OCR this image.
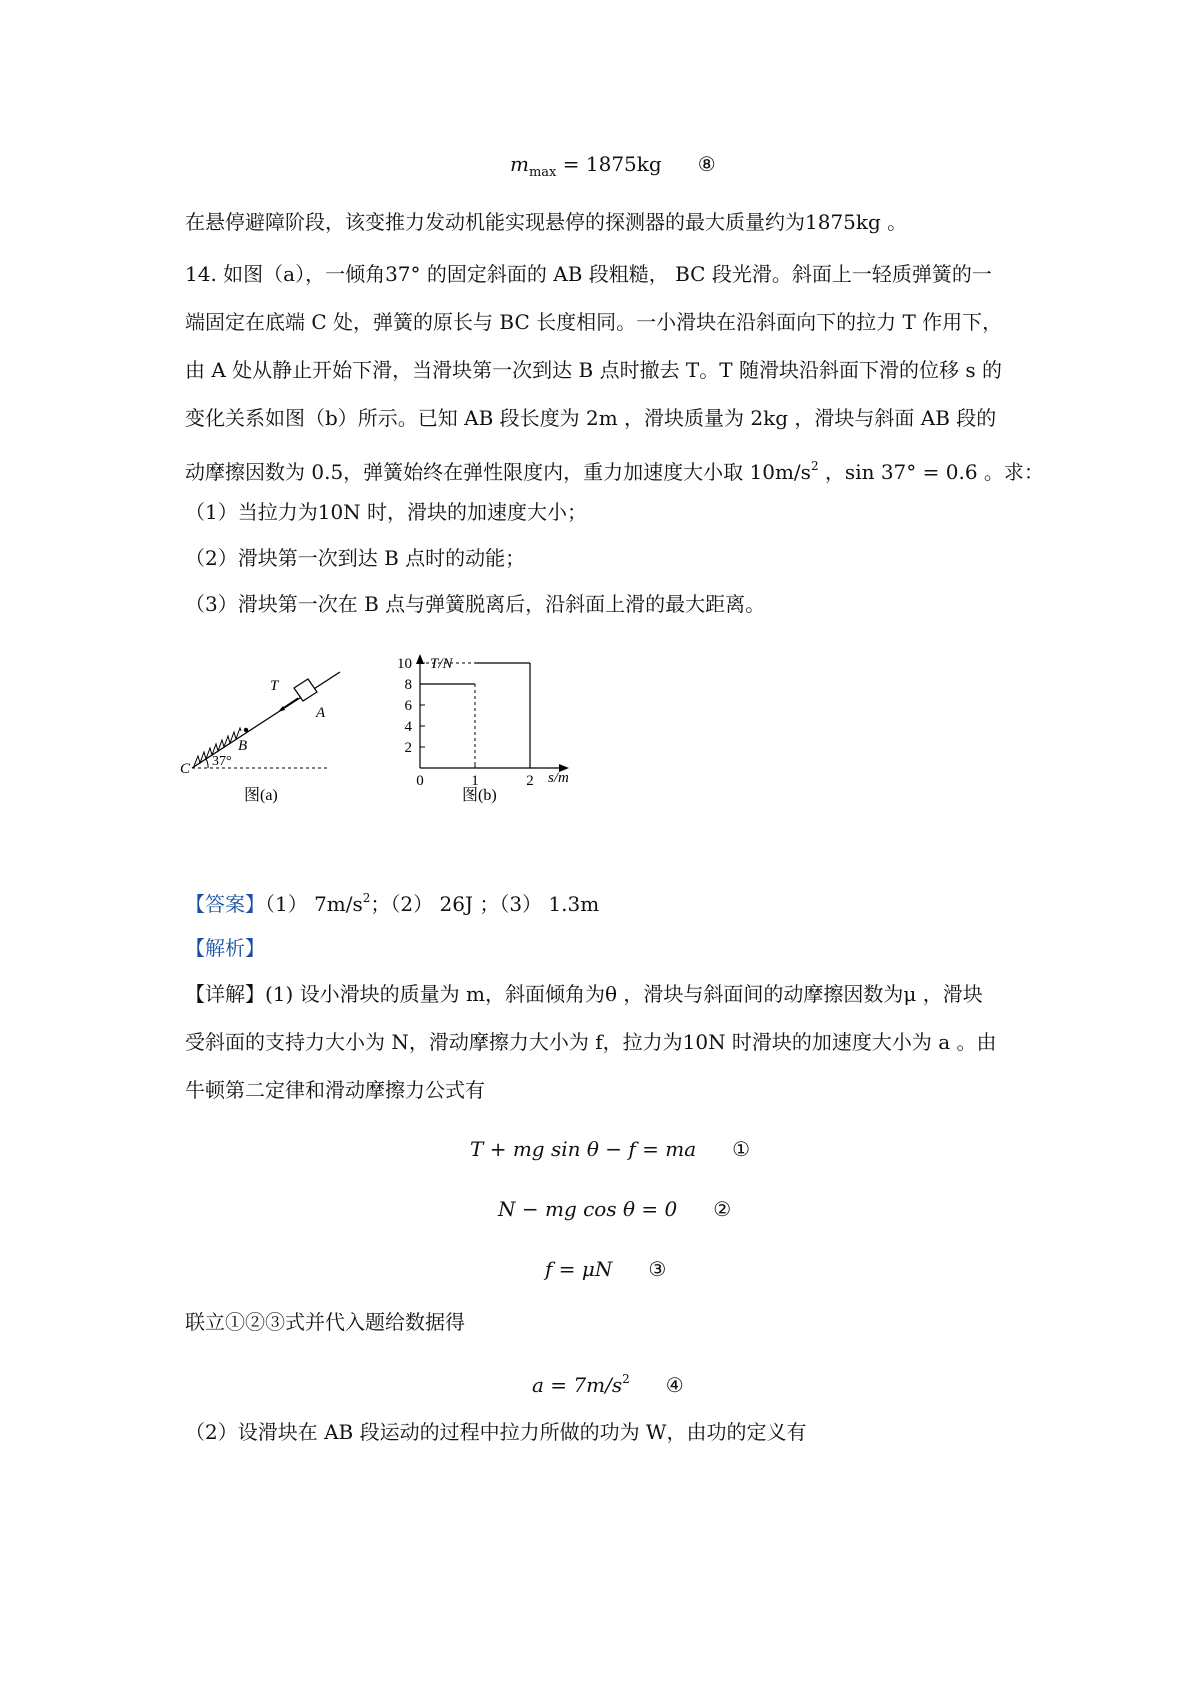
$m_{max} = 1875kg$ ⑧
在悬停避障阶段，该变推力发动机能实现悬停的探测器的最大质量约为1875kg 。
14. 如图（a），一倾角37° 的固定斜面的 AB 段粗糙， BC 段光滑。斜面上一轻质弹簧的一
端固定在底端 C 处，弹簧的原长与 BC 长度相同。一小滑块在沿斜面向下的拉力 T 作用下，
由 A 处从静止开始下滑，当滑块第一次到达 B 点时撤去 T。T 随滑块沿斜面下滑的位移 s 的
变化关系如图（b）所示。已知 AB 段长度为 2m ，滑块质量为 2kg ，滑块与斜面 AB 段的
动摩擦因数为 0.5，弹簧始终在弹性限度内，重力加速度大小取 $10m/s^2$ ，sin 37° = 0.6 。求：
（1）当拉力为10N 时，滑块的加速度大小；
（2）滑块第一次到达 B 点时的动能；
（3）滑块第一次在 B 点与弹簧脱离后，沿斜面上滑的最大距离。
T
A
B
C 37°
图(a)
T/N
s/m
图(b)
2
4
6
8
10
0	1	2
【答案】（1） $7m/s^2$；（2） 26J ；（3） 1.3m
【解析】
【详解】(1) 设小滑块的质量为 m，斜面倾角为θ ，滑块与斜面间的动摩擦因数为μ ，滑块
受斜面的支持力大小为 N，滑动摩擦力大小为 f，拉力为10N 时滑块的加速度大小为 a 。由
牛顿第二定律和滑动摩擦力公式有
T + mg sin θ − f = ma ①
N − mg cos θ = 0 ②
f = μN ③
联立①②③式并代入题给数据得
$a = 7m/s^2$ ④
（2）设滑块在 AB 段运动的过程中拉力所做的功为 W，由功的定义有
